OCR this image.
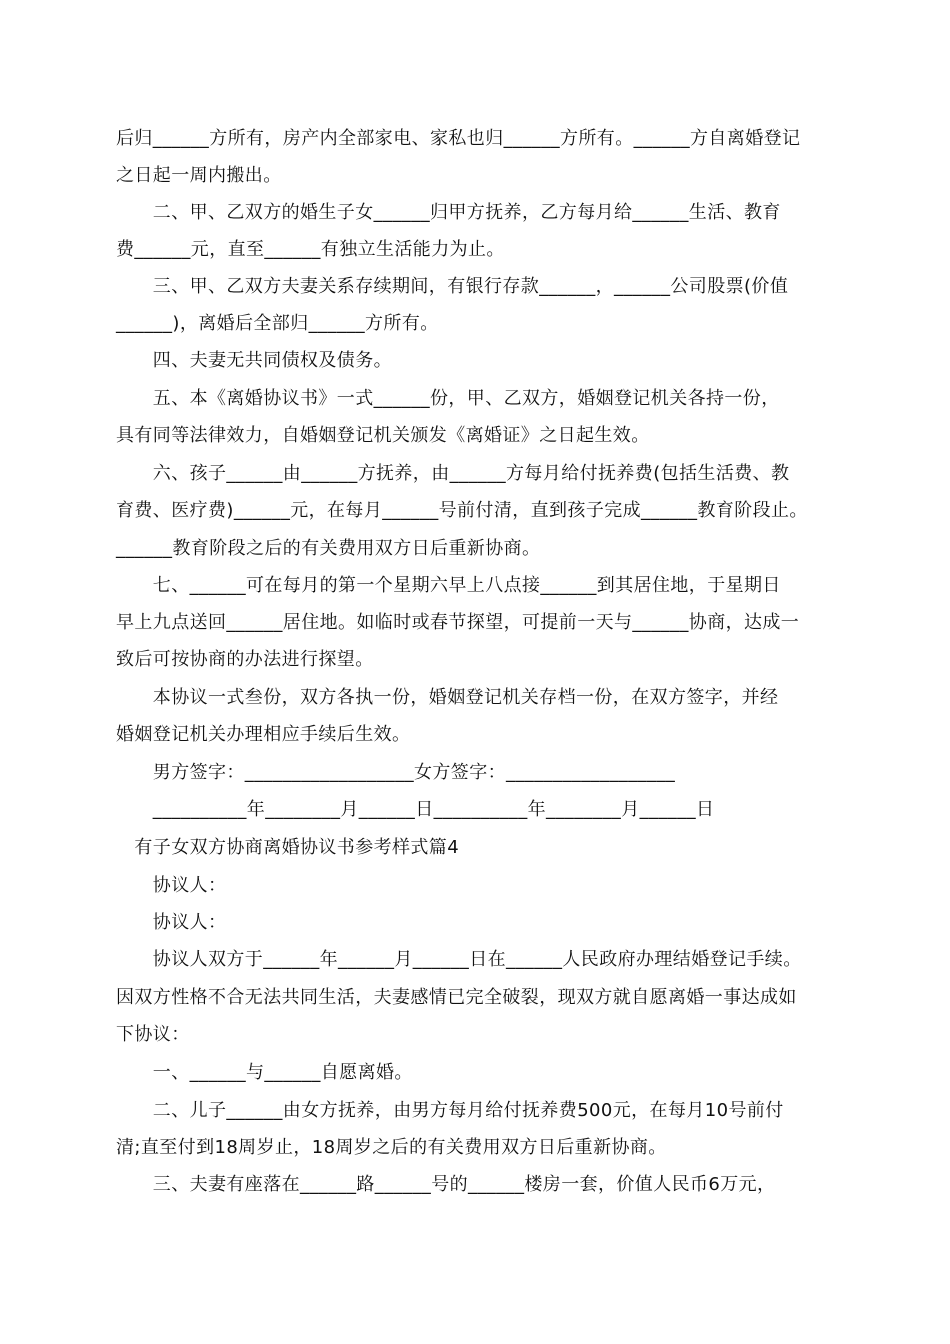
后归______方所有，房产内全部家电、家私也归______方所有。______方自离婚登记
之日起一周内搬出。
　　二、甲、乙双方的婚生子女______归甲方抚养，乙方每月给______生活、教育
费______元，直至______有独立生活能力为止。
　　三、甲、乙双方夫妻关系存续期间，有银行存款______，______公司股票(价值
______)，离婚后全部归______方所有。
　　四、夫妻无共同债权及债务。
　　五、本《离婚协议书》一式______份，甲、乙双方，婚姻登记机关各持一份，
具有同等法律效力，自婚姻登记机关颁发《离婚证》之日起生效。
　　六、孩子______由______方抚养，由______方每月给付抚养费(包括生活费、教
育费、医疗费)______元，在每月______号前付清，直到孩子完成______教育阶段止。
______教育阶段之后的有关费用双方日后重新协商。
　　七、______可在每月的第一个星期六早上八点接______到其居住地，于星期日
早上九点送回______居住地。如临时或春节探望，可提前一天与______协商，达成一
致后可按协商的办法进行探望。
　　本协议一式叁份，双方各执一份，婚姻登记机关存档一份，在双方签字，并经
婚姻登记机关办理相应手续后生效。
　　男方签字：__________________女方签字：__________________
　　__________年________月______日__________年________月______日
　有子女双方协商离婚协议书参考样式篇4
　　协议人：
　　协议人：
　　协议人双方于______年______月______日在______人民政府办理结婚登记手续。
因双方性格不合无法共同生活，夫妻感情已完全破裂，现双方就自愿离婚一事达成如
下协议：
　　一、______与______自愿离婚。
　　二、儿子______由女方抚养，由男方每月给付抚养费500元，在每月10号前付
清;直至付到18周岁止，18周岁之后的有关费用双方日后重新协商。
　　三、夫妻有座落在______路______号的______楼房一套，价值人民币6万元，
